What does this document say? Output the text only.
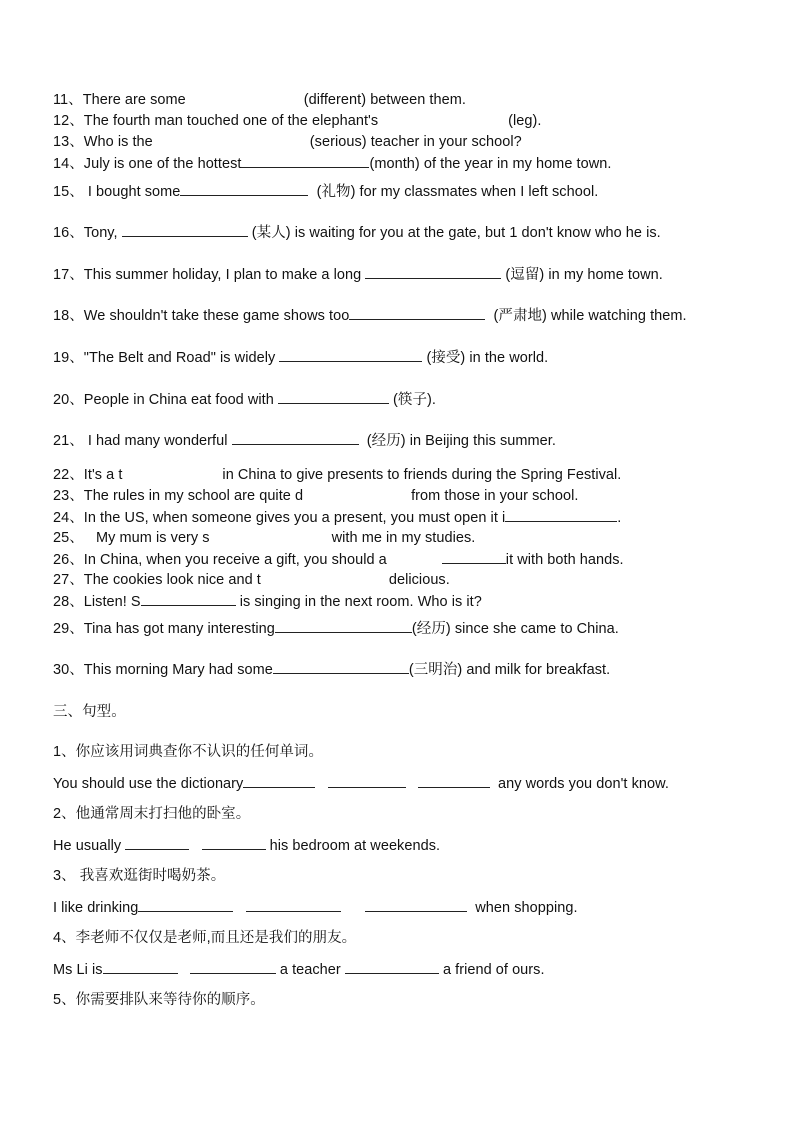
11、There are some	(different) between them.
12、The fourth man touched one of the elephant's	(leg).
13、Who is the	(serious) teacher in your school?
14、July is one of the hottest	(month) of the year in my home town.
15、 I bought some	(礼物) for my classmates when I left school.
16、Tony,	(某人) is waiting for you at the gate, but 1 don't know who he is.
17、This summer holiday, I plan to make a long	(逗留) in my home town.
18、We shouldn't take these game shows too	(严肃地) while watching them.
19、"The Belt and Road" is widely	(接受) in the world.
20、People in China eat food with	(筷子).
21、 I had many wonderful	(经历) in Beijing this summer.
22、It's a t	in China to give presents to friends during the Spring Festival.
23、The rules in my school are quite d	from those in your school.
24、In the US, when someone gives you a present, you must open it i	.
25、 My mum is very s	with me in my studies.
26、In China, when you receive a gift, you should a	it with both hands.
27、The cookies look nice and t	delicious.
28、Listen! S	is singing in the next room. Who is it?
29、Tina has got many interesting	(经历) since she came to China.
30、This morning Mary had some	(三明治) and milk for breakfast.
三、句型。
1、你应该用词典查你不认识的任何单词。
You should use the dictionary	any words you don't know.
2、他通常周末打扫他的卧室。
He usually	his bedroom at weekends.
3、 我喜欢逛街时喝奶茶。
I like drinking	when shopping.
4、李老师不仅仅是老师,而且还是我们的朋友。
Ms Li is	a teacher	a friend of ours.
5、你需要排队来等待你的顺序。
